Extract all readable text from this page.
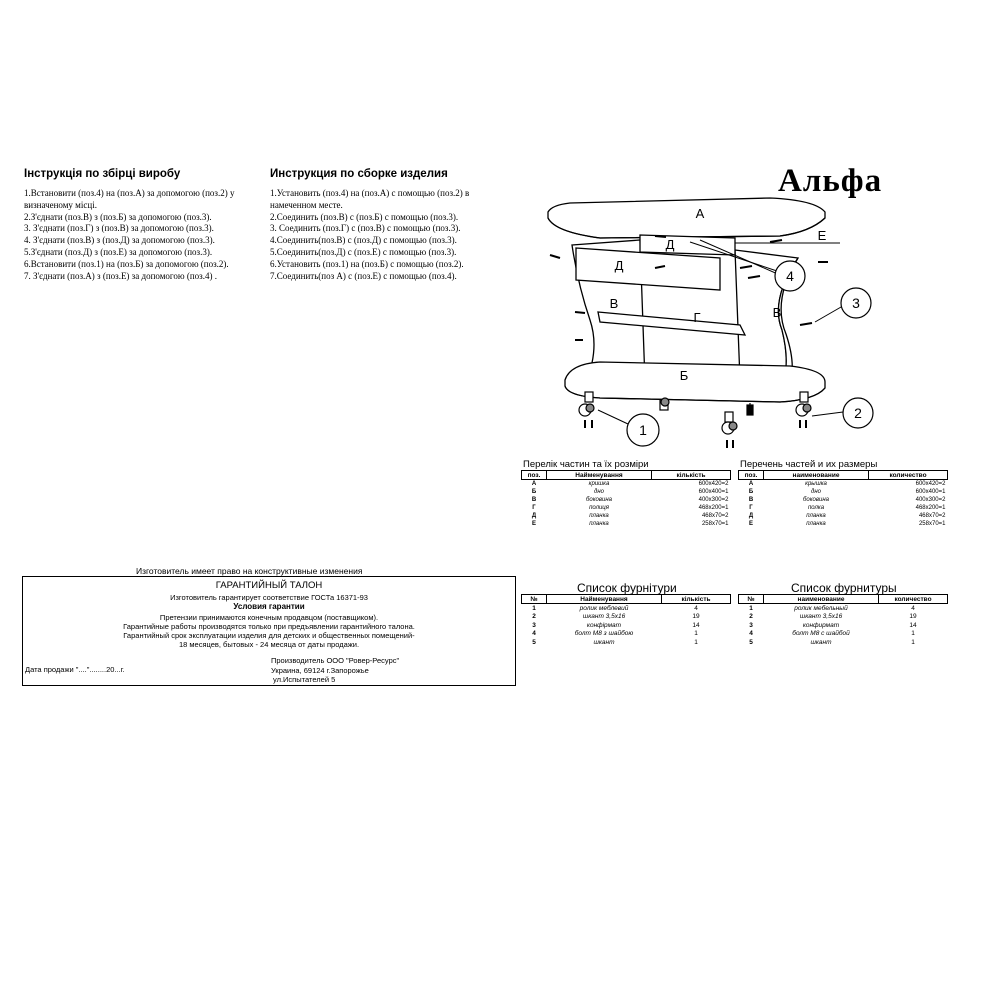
Інструкція по збірці виробу
1.Встановити (поз.4) на (поз.А) за допомогою (поз.2) у
визначеному місці.
2.З'єднати (поз.В) з (поз.Б) за допомогою (поз.3).
3. З'єднати (поз.Г) з (поз.В) за допомогою (поз.3).
4. З'єднати (поз.В) з (поз.Д) за допомогою (поз.3).
5.З'єднати (поз.Д) з (поз.Е) за допомогою (поз.3).
6.Встановити (поз.1) на (поз.Б) за допомогою (поз.2).
7. З'єднати (поз.А) з (поз.Е) за допомогою (поз.4) .
Инструкция по сборке изделия
1.Установить (поз.4) на (поз.А) с помощью (поз.2) в
намеченном месте.
2.Соединить (поз.В) с (поз.Б) с помощью (поз.3).
3. Соединить (поз.Г) с (поз.В) с помощью (поз.3).
4.Соединить(поз.В) с (поз.Д) с помощью (поз.3).
5.Соединить(поз.Д) с (поз.Е) с помощью (поз.3).
6.Установить (поз.1) на (поз.Б) с помощью (поз.2).
7.Соединить(поз А) с (поз.Е) с помощью (поз.4).
Альфа
А
Д
Д
Е
В
В
Г
Б
4
3
1
2
Перелік частин та їх розміри
поз.	Найменування	кількість
А	кришка	600x420=2
Б	дно	600x400=1
В	боковина	400x300=2
Г	полиця	468x200=1
Д	планка	468x70=2
Е	планка	258x70=1
Перечень частей и их размеры
поз.	наименование	количество
А	крышка	600x420=2
Б	дно	600x400=1
В	боковина	400x300=2
Г	полка	468x200=1
Д	планка	468x70=2
Е	планка	258x70=1
Изготовитель имеет право на конструктивные изменения
ГАРАНТИЙНЫЙ ТАЛОН
Изготовитель гарантирует соответствие ГОСТа 16371-93
Условия гарантии
Претензии принимаются конечным продавцом (поставщиком).
Гарантийные работы производятся только при предъявлении гарантийного талона.
Гарантийный срок эксплуатации изделия для детских и общественных помещений-
18 месяцев, бытовых - 24 месяца от даты продажи.
Дата продажи "...."........20...г.
Производитель ООО "Ровер-Ресурс"
Украина, 69124 г.Запорожье
ул.Испытателей 5
Список фурнітури
№	Найменування	кількість
1	ролик меблевий	4
2	шкант 3,5х16	19
3	конфірмат	14
4	болт М8 з шайбою	1
5	шкант	1
Список фурнитуры
№	наименование	количество
1	ролик мебельный	4
2	шкант 3,5х16	19
3	конфирмат	14
4	болт М8 с шайбой	1
5	шкант	1
